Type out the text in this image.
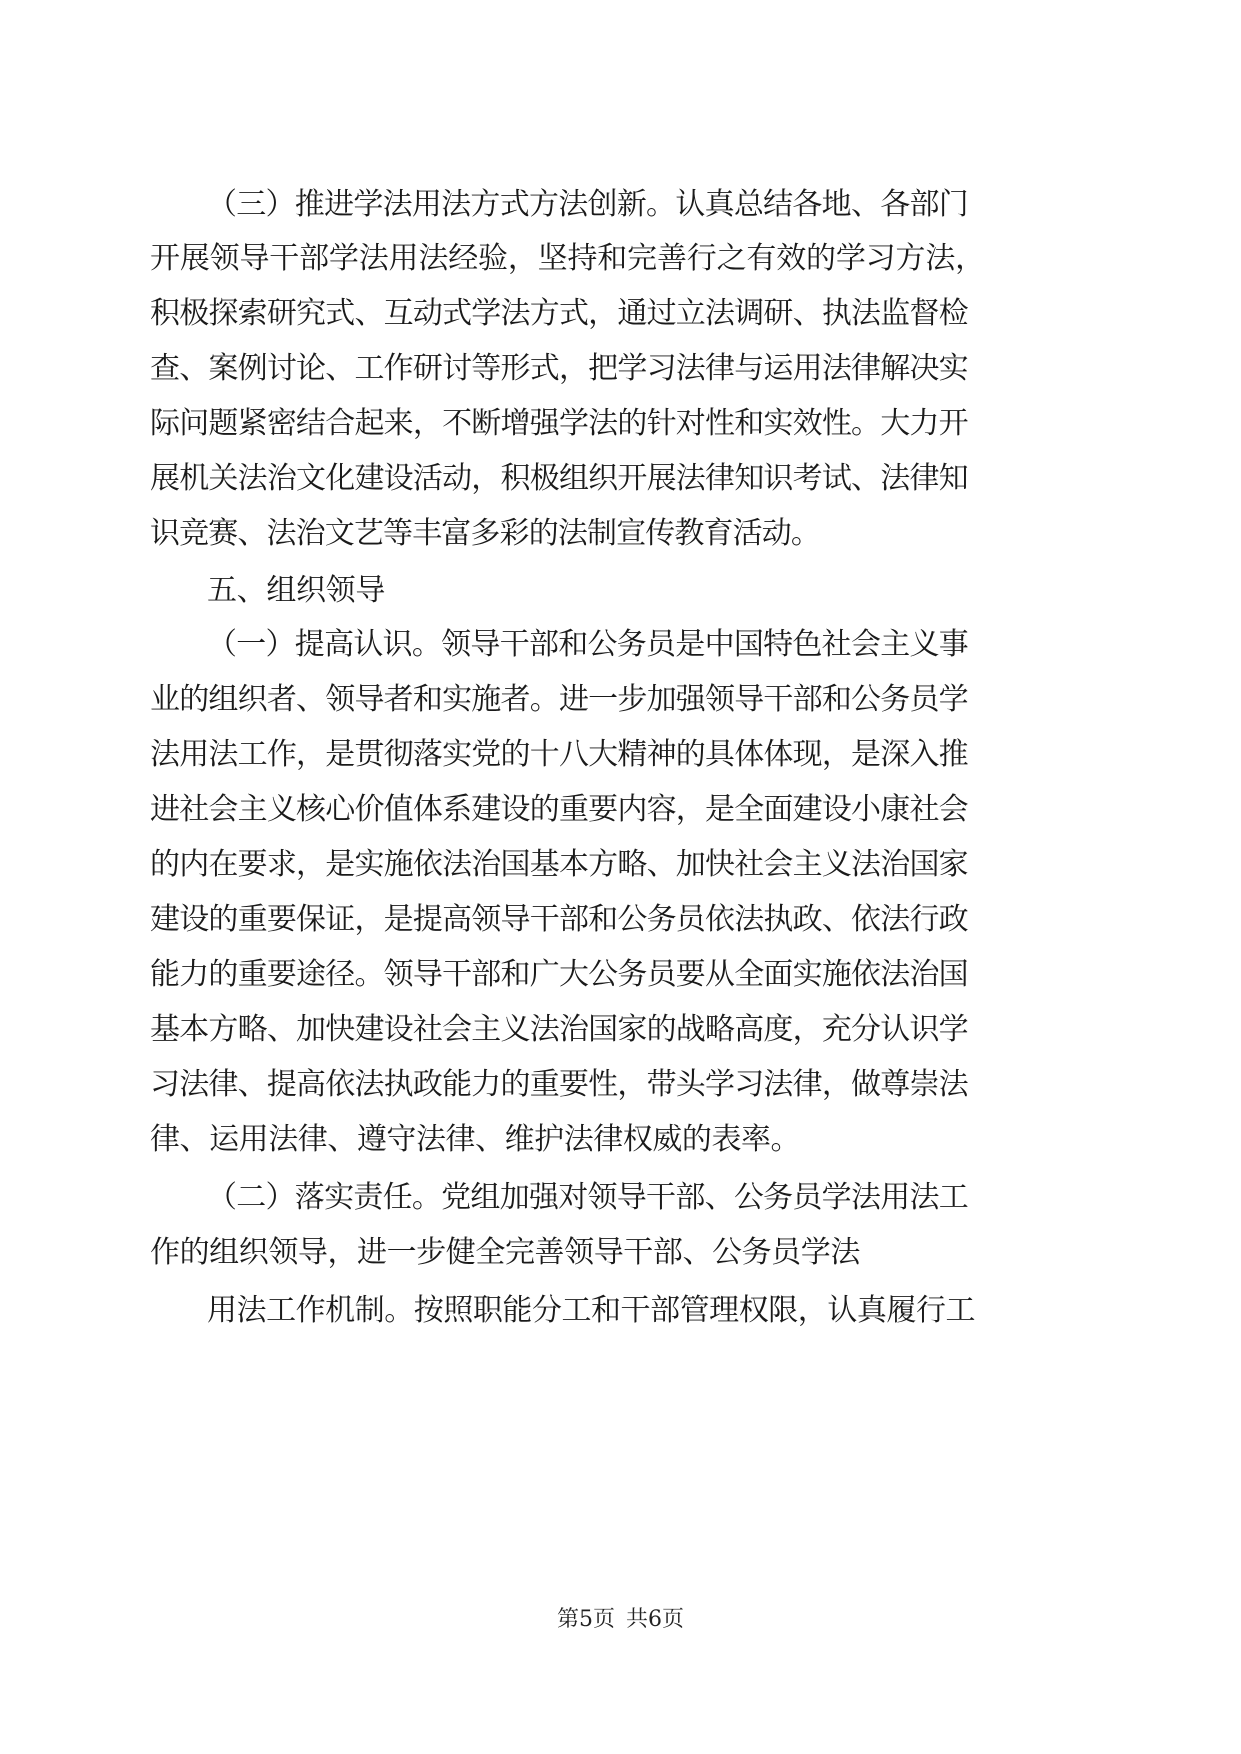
（三）推进学法用法方式方法创新。认真总结各地、各部门
开展领导干部学法用法经验，坚持和完善行之有效的学习方法，
积极探索研究式、互动式学法方式，通过立法调研、执法监督检
查、案例讨论、工作研讨等形式，把学习法律与运用法律解决实
际问题紧密结合起来，不断增强学法的针对性和实效性。大力开
展机关法治文化建设活动，积极组织开展法律知识考试、法律知
识竞赛、法治文艺等丰富多彩的法制宣传教育活动。
五、组织领导
（一）提高认识。领导干部和公务员是中国特色社会主义事
业的组织者、领导者和实施者。进一步加强领导干部和公务员学
法用法工作，是贯彻落实党的十八大精神的具体体现，是深入推
进社会主义核心价值体系建设的重要内容，是全面建设小康社会
的内在要求，是实施依法治国基本方略、加快社会主义法治国家
建设的重要保证，是提高领导干部和公务员依法执政、依法行政
能力的重要途径。领导干部和广大公务员要从全面实施依法治国
基本方略、加快建设社会主义法治国家的战略高度，充分认识学
习法律、提高依法执政能力的重要性，带头学习法律，做尊崇法
律、运用法律、遵守法律、维护法律权威的表率。
（二）落实责任。党组加强对领导干部、公务员学法用法工
作的组织领导，进一步健全完善领导干部、公务员学法
用法工作机制。按照职能分工和干部管理权限，认真履行工
第5页 共6页
